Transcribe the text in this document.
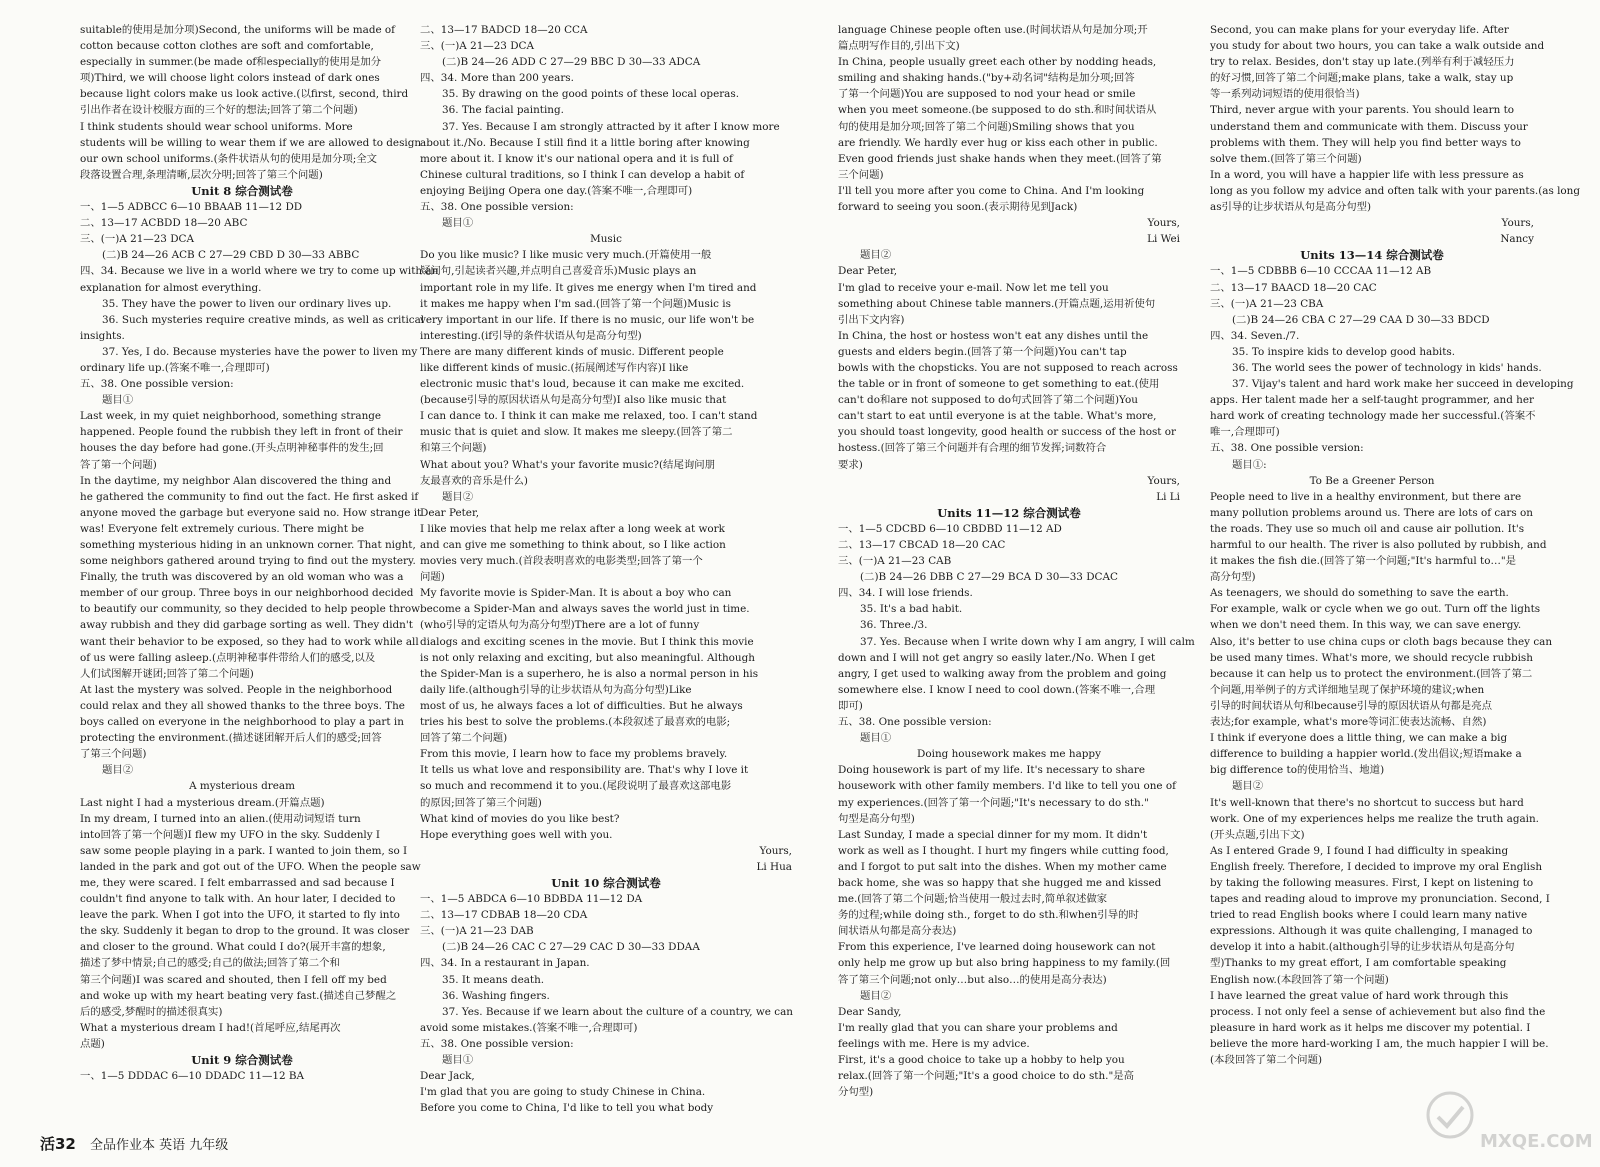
suitable的使用是加分项)Second, the uniforms will be made of
cotton because cotton clothes are soft and comfortable,
especially in summer.(be made of和especially的使用是加分
项)Third, we will choose light colors instead of dark ones
because light colors make us look active.(以first, second, third
引出作者在设计校服方面的三个好的想法;回答了第二个问题)
I think students should wear school uniforms. More
students will be willing to wear them if we are allowed to design
our own school uniforms.(条件状语从句的使用是加分项;全文
段落设置合理,条理清晰,层次分明;回答了第三个问题)
Unit 8 综合测试卷
一、1—5 ADBCC 6—10 BBAAB 11—12 DD
二、13—17 ACBDD 18—20 ABC
三、(一)A 21—23 DCA
(二)B 24—26 ACB C 27—29 CBD D 30—33 ABBC
四、34. Because we live in a world where we try to come up with an
explanation for almost everything.
35. They have the power to liven our ordinary lives up.
36. Such mysteries require creative minds, as well as critical
insights.
37. Yes, I do. Because mysteries have the power to liven my
ordinary life up.(答案不唯一,合理即可)
五、38. One possible version:
题目①
Last week, in my quiet neighborhood, something strange
happened. People found the rubbish they left in front of their
houses the day before had gone.(开头点明神秘事件的发生;回
答了第一个问题)
In the daytime, my neighbor Alan discovered the thing and
he gathered the community to find out the fact. He first asked if
anyone moved the garbage but everyone said no. How strange it
was! Everyone felt extremely curious. There might be
something mysterious hiding in an unknown corner. That night,
some neighbors gathered around trying to find out the mystery.
Finally, the truth was discovered by an old woman who was a
member of our group. Three boys in our neighborhood decided
to beautify our community, so they decided to help people throw
away rubbish and they did garbage sorting as well. They didn't
want their behavior to be exposed, so they had to work while all
of us were falling asleep.(点明神秘事件带给人们的感受,以及
人们试图解开谜团;回答了第二个问题)
At last the mystery was solved. People in the neighborhood
could relax and they all showed thanks to the three boys. The
boys called on everyone in the neighborhood to play a part in
protecting the environment.(描述谜团解开后人们的感受;回答
了第三个问题)
题目②
A mysterious dream
Last night I had a mysterious dream.(开篇点题)
In my dream, I turned into an alien.(使用动词短语 turn
into回答了第一个问题)I flew my UFO in the sky. Suddenly I
saw some people playing in a park. I wanted to join them, so I
landed in the park and got out of the UFO. When the people saw
me, they were scared. I felt embarrassed and sad because I
couldn't find anyone to talk with. An hour later, I decided to
leave the park. When I got into the UFO, it started to fly into
the sky. Suddenly it began to drop to the ground. It was closer
and closer to the ground. What could I do?(展开丰富的想象,
描述了梦中情景;自己的感受;自己的做法;回答了第二个和
第三个问题)I was scared and shouted, then I fell off my bed
and woke up with my heart beating very fast.(描述自己梦醒之
后的感受,梦醒时的描述很真实)
What a mysterious dream I had!(首尾呼应,结尾再次
点题)
Unit 9 综合测试卷
一、1—5 DDDAC 6—10 DDADC 11—12 BA
二、13—17 BADCD 18—20 CCA
三、(一)A 21—23 DCA
(二)B 24—26 ADD C 27—29 BBC D 30—33 ADCA
四、34. More than 200 years.
35. By drawing on the good points of these local operas.
36. The facial painting.
37. Yes. Because I am strongly attracted by it after I know more
about it./No. Because I still find it a little boring after knowing
more about it. I know it's our national opera and it is full of
Chinese cultural traditions, so I think I can develop a habit of
enjoying Beijing Opera one day.(答案不唯一,合理即可)
五、38. One possible version:
题目①
Music
Do you like music? I like music very much.(开篇使用一般
疑问句,引起读者兴趣,并点明自己喜爱音乐)Music plays an
important role in my life. It gives me energy when I'm tired and
it makes me happy when I'm sad.(回答了第一个问题)Music is
very important in our life. If there is no music, our life won't be
interesting.(if引导的条件状语从句是高分句型)
There are many different kinds of music. Different people
like different kinds of music.(拓展阐述写作内容)I like
electronic music that's loud, because it can make me excited.
(because引导的原因状语从句是高分句型)I also like music that
I can dance to. I think it can make me relaxed, too. I can't stand
music that is quiet and slow. It makes me sleepy.(回答了第二
和第三个问题)
What about you? What's your favorite music?(结尾询问朋
友最喜欢的音乐是什么)
题目②
Dear Peter,
I like movies that help me relax after a long week at work
and can give me something to think about, so I like action
movies very much.(首段表明喜欢的电影类型;回答了第一个
问题)
My favorite movie is Spider-Man. It is about a boy who can
become a Spider-Man and always saves the world just in time.
(who引导的定语从句为高分句型)There are a lot of funny
dialogs and exciting scenes in the movie. But I think this movie
is not only relaxing and exciting, but also meaningful. Although
the Spider-Man is a superhero, he is also a normal person in his
daily life.(although引导的让步状语从句为高分句型)Like
most of us, he always faces a lot of difficulties. But he always
tries his best to solve the problems.(本段叙述了最喜欢的电影;
回答了第二个问题)
From this movie, I learn how to face my problems bravely.
It tells us what love and responsibility are. That's why I love it
so much and recommend it to you.(尾段说明了最喜欢这部电影
的原因;回答了第三个问题)
What kind of movies do you like best?
Hope everything goes well with you.
Yours,
Li Hua
Unit 10 综合测试卷
一、1—5 ABDCA 6—10 BDBDA 11—12 DA
二、13—17 CDBAB 18—20 CDA
三、(一)A 21—23 DAB
(二)B 24—26 CAC C 27—29 CAC D 30—33 DDAA
四、34. In a restaurant in Japan.
35. It means death.
36. Washing fingers.
37. Yes. Because if we learn about the culture of a country, we can
avoid some mistakes.(答案不唯一,合理即可)
五、38. One possible version:
题目①
Dear Jack,
I'm glad that you are going to study Chinese in China.
Before you come to China, I'd like to tell you what body
language Chinese people often use.(时间状语从句是加分项;开
篇点明写作目的,引出下文)
In China, people usually greet each other by nodding heads,
smiling and shaking hands.("by+动名词"结构是加分项;回答
了第一个问题)You are supposed to nod your head or smile
when you meet someone.(be supposed to do sth.和时间状语从
句的使用是加分项;回答了第二个问题)Smiling shows that you
are friendly. We hardly ever hug or kiss each other in public.
Even good friends just shake hands when they meet.(回答了第
三个问题)
I'll tell you more after you come to China. And I'm looking
forward to seeing you soon.(表示期待见到Jack)
Yours,
Li Wei
题目②
Dear Peter,
I'm glad to receive your e-mail. Now let me tell you
something about Chinese table manners.(开篇点题,运用祈使句
引出下文内容)
In China, the host or hostess won't eat any dishes until the
guests and elders begin.(回答了第一个问题)You can't tap
bowls with the chopsticks. You are not supposed to reach across
the table or in front of someone to get something to eat.(使用
can't do和are not supposed to do句式回答了第二个问题)You
can't start to eat until everyone is at the table. What's more,
you should toast longevity, good health or success of the host or
hostess.(回答了第三个问题并有合理的细节发挥;词数符合
要求)
Yours,
Li Li
Units 11—12 综合测试卷
一、1—5 CDCBD 6—10 CBDBD 11—12 AD
二、13—17 CBCAD 18—20 CAC
三、(一)A 21—23 CAB
(二)B 24—26 DBB C 27—29 BCA D 30—33 DCAC
四、34. I will lose friends.
35. It's a bad habit.
36. Three./3.
37. Yes. Because when I write down why I am angry, I will calm
down and I will not get angry so easily later./No. When I get
angry, I get used to walking away from the problem and going
somewhere else. I know I need to cool down.(答案不唯一,合理
即可)
五、38. One possible version:
题目①
Doing housework makes me happy
Doing housework is part of my life. It's necessary to share
housework with other family members. I'd like to tell you one of
my experiences.(回答了第一个问题;"It's necessary to do sth."
句型是高分句型)
Last Sunday, I made a special dinner for my mom. It didn't
work as well as I thought. I hurt my fingers while cutting food,
and I forgot to put salt into the dishes. When my mother came
back home, she was so happy that she hugged me and kissed
me.(回答了第二个问题;恰当使用一般过去时,简单叙述做家
务的过程;while doing sth., forget to do sth.和when引导的时
间状语从句都是高分表达)
From this experience, I've learned doing housework can not
only help me grow up but also bring happiness to my family.(回
答了第三个问题;not only…but also…的使用是高分表达)
题目②
Dear Sandy,
I'm really glad that you can share your problems and
feelings with me. Here is my advice.
First, it's a good choice to take up a hobby to help you
relax.(回答了第一个问题;"It's a good choice to do sth."是高
分句型)
Second, you can make plans for your everyday life. After
you study for about two hours, you can take a walk outside and
try to relax. Besides, don't stay up late.(列举有利于减轻压力
的好习惯,回答了第二个问题;make plans, take a walk, stay up
等一系列动词短语的使用很恰当)
Third, never argue with your parents. You should learn to
understand them and communicate with them. Discuss your
problems with them. They will help you find better ways to
solve them.(回答了第三个问题)
In a word, you will have a happier life with less pressure as
long as you follow my advice and often talk with your parents.(as long
as引导的让步状语从句是高分句型)
Yours,
Nancy
Units 13—14 综合测试卷
一、1—5 CDBBB 6—10 CCCAA 11—12 AB
二、13—17 BAACD 18—20 CAC
三、(一)A 21—23 CBA
(二)B 24—26 CBA C 27—29 CAA D 30—33 BDCD
四、34. Seven./7.
35. To inspire kids to develop good habits.
36. The world sees the power of technology in kids' hands.
37. Vijay's talent and hard work make her succeed in developing
apps. Her talent made her a self-taught programmer, and her
hard work of creating technology made her successful.(答案不
唯一,合理即可)
五、38. One possible version:
题目①:
To Be a Greener Person
People need to live in a healthy environment, but there are
many pollution problems around us. There are lots of cars on
the roads. They use so much oil and cause air pollution. It's
harmful to our health. The river is also polluted by rubbish, and
it makes the fish die.(回答了第一个问题;"It's harmful to…"是
高分句型)
As teenagers, we should do something to save the earth.
For example, walk or cycle when we go out. Turn off the lights
when we don't need them. In this way, we can save energy.
Also, it's better to use china cups or cloth bags because they can
be used many times. What's more, we should recycle rubbish
because it can help us to protect the environment.(回答了第二
个问题,用举例子的方式详细地呈现了保护环境的建议;when
引导的时间状语从句和because引导的原因状语从句都是亮点
表达;for example, what's more等词汇使表达流畅、自然)
I think if everyone does a little thing, we can make a big
difference to building a happier world.(发出倡议;短语make a
big difference to的使用恰当、地道)
题目②
It's well-known that there's no shortcut to success but hard
work. One of my experiences helps me realize the truth again.
(开头点题,引出下文)
As I entered Grade 9, I found I had difficulty in speaking
English freely. Therefore, I decided to improve my oral English
by taking the following measures. First, I kept on listening to
tapes and reading aloud to improve my pronunciation. Second, I
tried to read English books where I could learn many native
expressions. Although it was quite challenging, I managed to
develop it into a habit.(although引导的让步状语从句是高分句
型)Thanks to my great effort, I am comfortable speaking
English now.(本段回答了第一个问题)
I have learned the great value of hard work through this
process. I not only feel a sense of achievement but also find the
pleasure in hard work as it helps me discover my potential. I
believe the more hard-working I am, the much happier I will be.
(本段回答了第二个问题)
活32 全品作业本 英语 九年级	MXQE.COM
